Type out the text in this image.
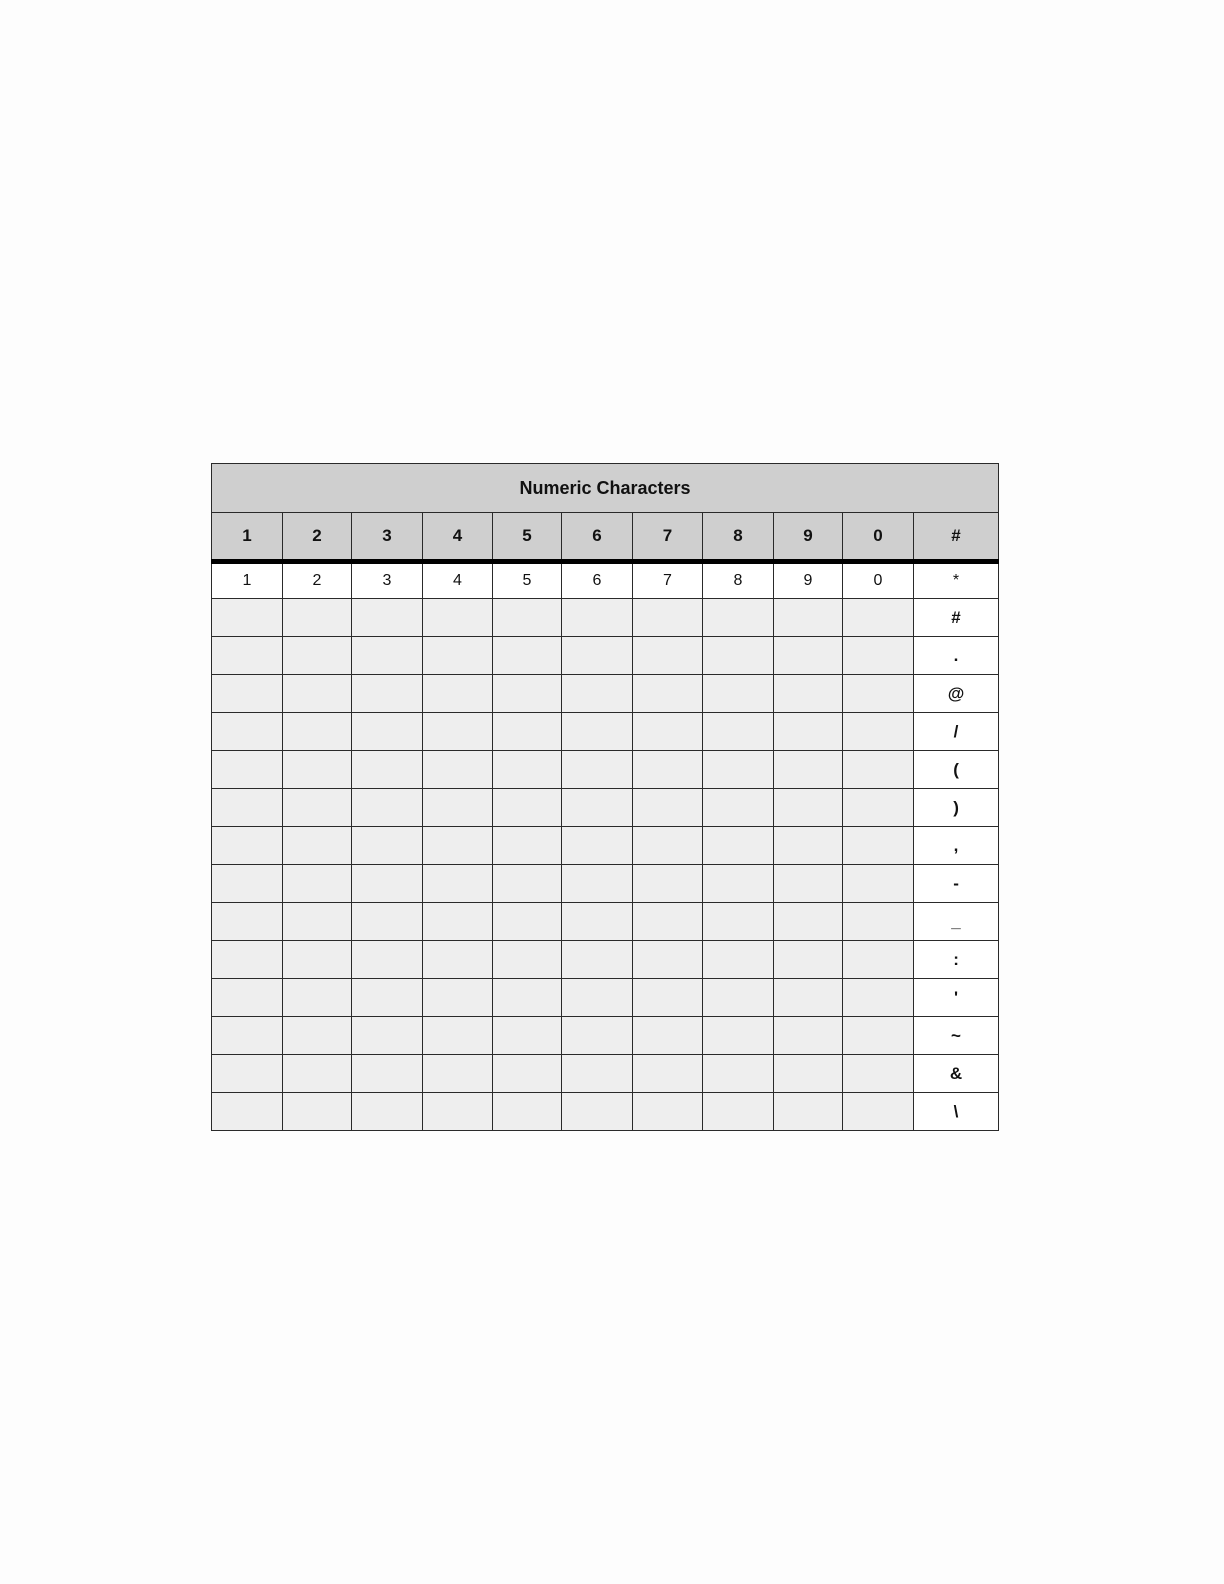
Numeric Characters										
1	2	3	4	5	6	7	8	9	0	#
1	2	3	4	5	6	7	8	9	0	*
										#
										.
										@
										/
										(
										)
										,
										-
										_
										:
										'
										~
										&
										\
